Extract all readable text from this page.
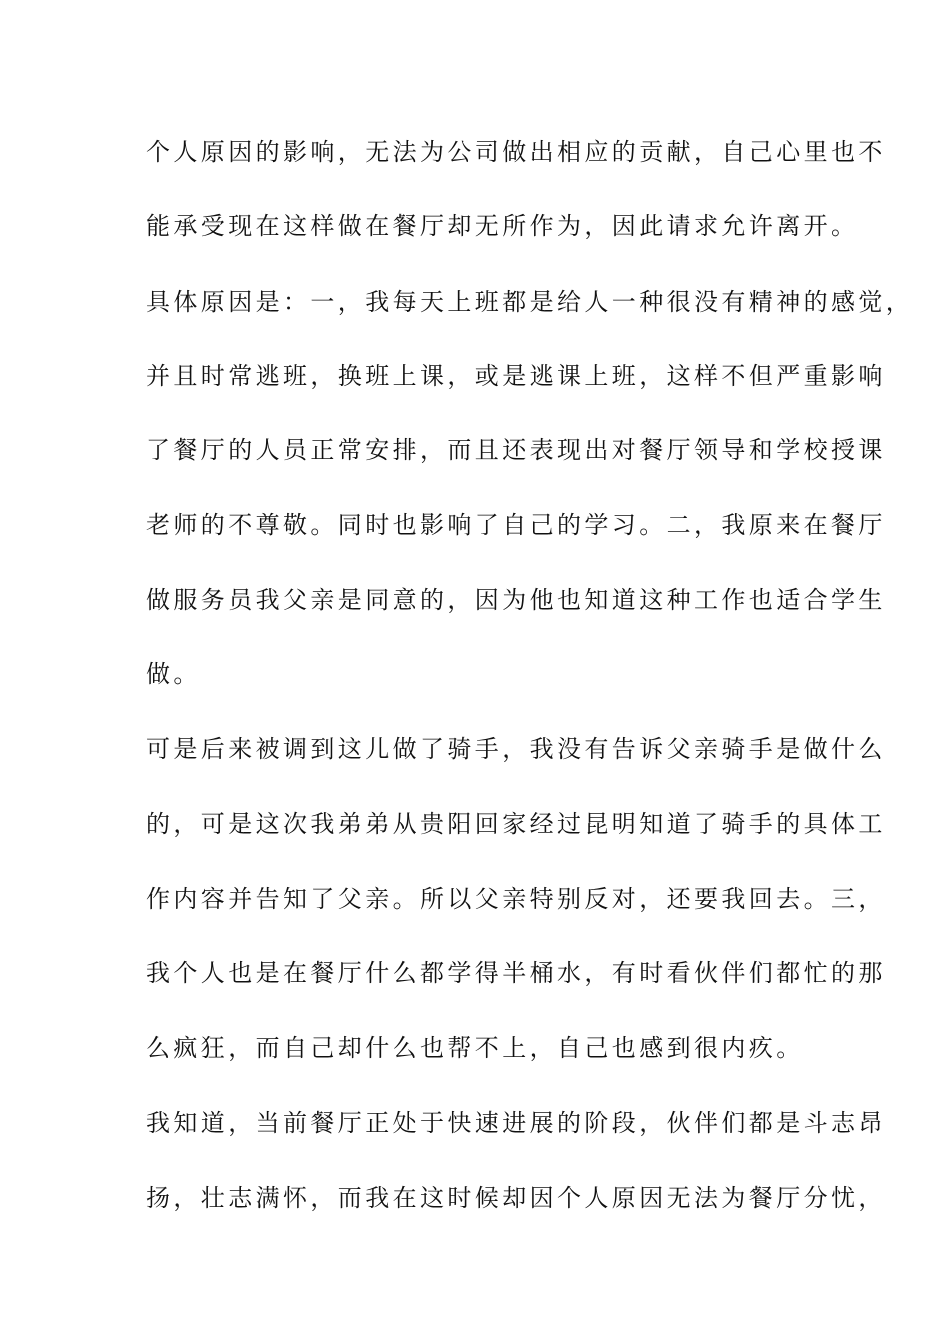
个人原因的影响，无法为公司做出相应的贡献，自己心里也不
能承受现在这样做在餐厅却无所作为，因此请求允许离开。
具体原因是：一，我每天上班都是给人一种很没有精神的感觉，
并且时常逃班，换班上课，或是逃课上班，这样不但严重影响
了餐厅的人员正常安排，而且还表现出对餐厅领导和学校授课
老师的不尊敬。同时也影响了自己的学习。二，我原来在餐厅
做服务员我父亲是同意的，因为他也知道这种工作也适合学生
做。
可是后来被调到这儿做了骑手，我没有告诉父亲骑手是做什么
的，可是这次我弟弟从贵阳回家经过昆明知道了骑手的具体工
作内容并告知了父亲。所以父亲特别反对，还要我回去。三，
我个人也是在餐厅什么都学得半桶水，有时看伙伴们都忙的那
么疯狂，而自己却什么也帮不上，自己也感到很内疚。
我知道，当前餐厅正处于快速进展的阶段，伙伴们都是斗志昂
扬，壮志满怀，而我在这时候却因个人原因无法为餐厅分忧，
